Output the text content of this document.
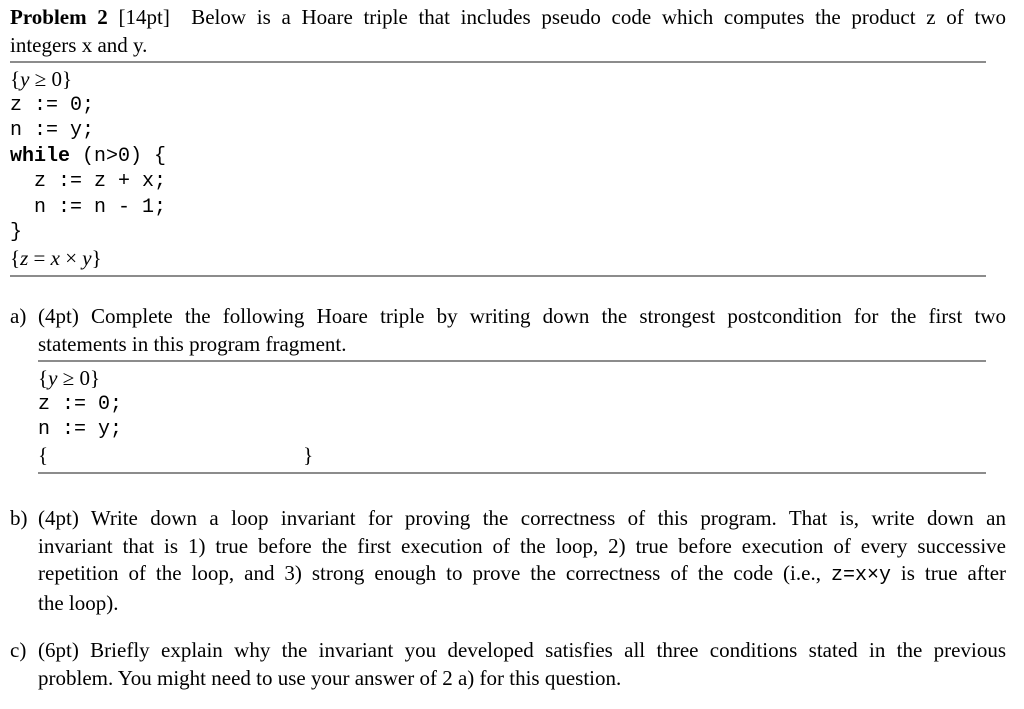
Problem 2 [14pt]  Below is a Hoare triple that includes pseudo code which computes the product z of two
integers x and y.
{y ≥ 0}
z := 0;
n := y;
while (n>0) {
z := z + x;
n := n - 1;
}
{z = x × y}
a) (4pt) Complete the following Hoare triple by writing down the strongest postcondition for the first two
statements in this program fragment.
{y ≥ 0}
z := 0;
n := y;
{	}
b) (4pt) Write down a loop invariant for proving the correctness of this program. That is, write down an
invariant that is 1) true before the first execution of the loop, 2) true before execution of every successive
repetition of the loop, and 3) strong enough to prove the correctness of the code (i.e., z=x×y is true after
the loop).
c) (6pt) Briefly explain why the invariant you developed satisfies all three conditions stated in the previous
problem. You might need to use your answer of 2 a) for this question.
